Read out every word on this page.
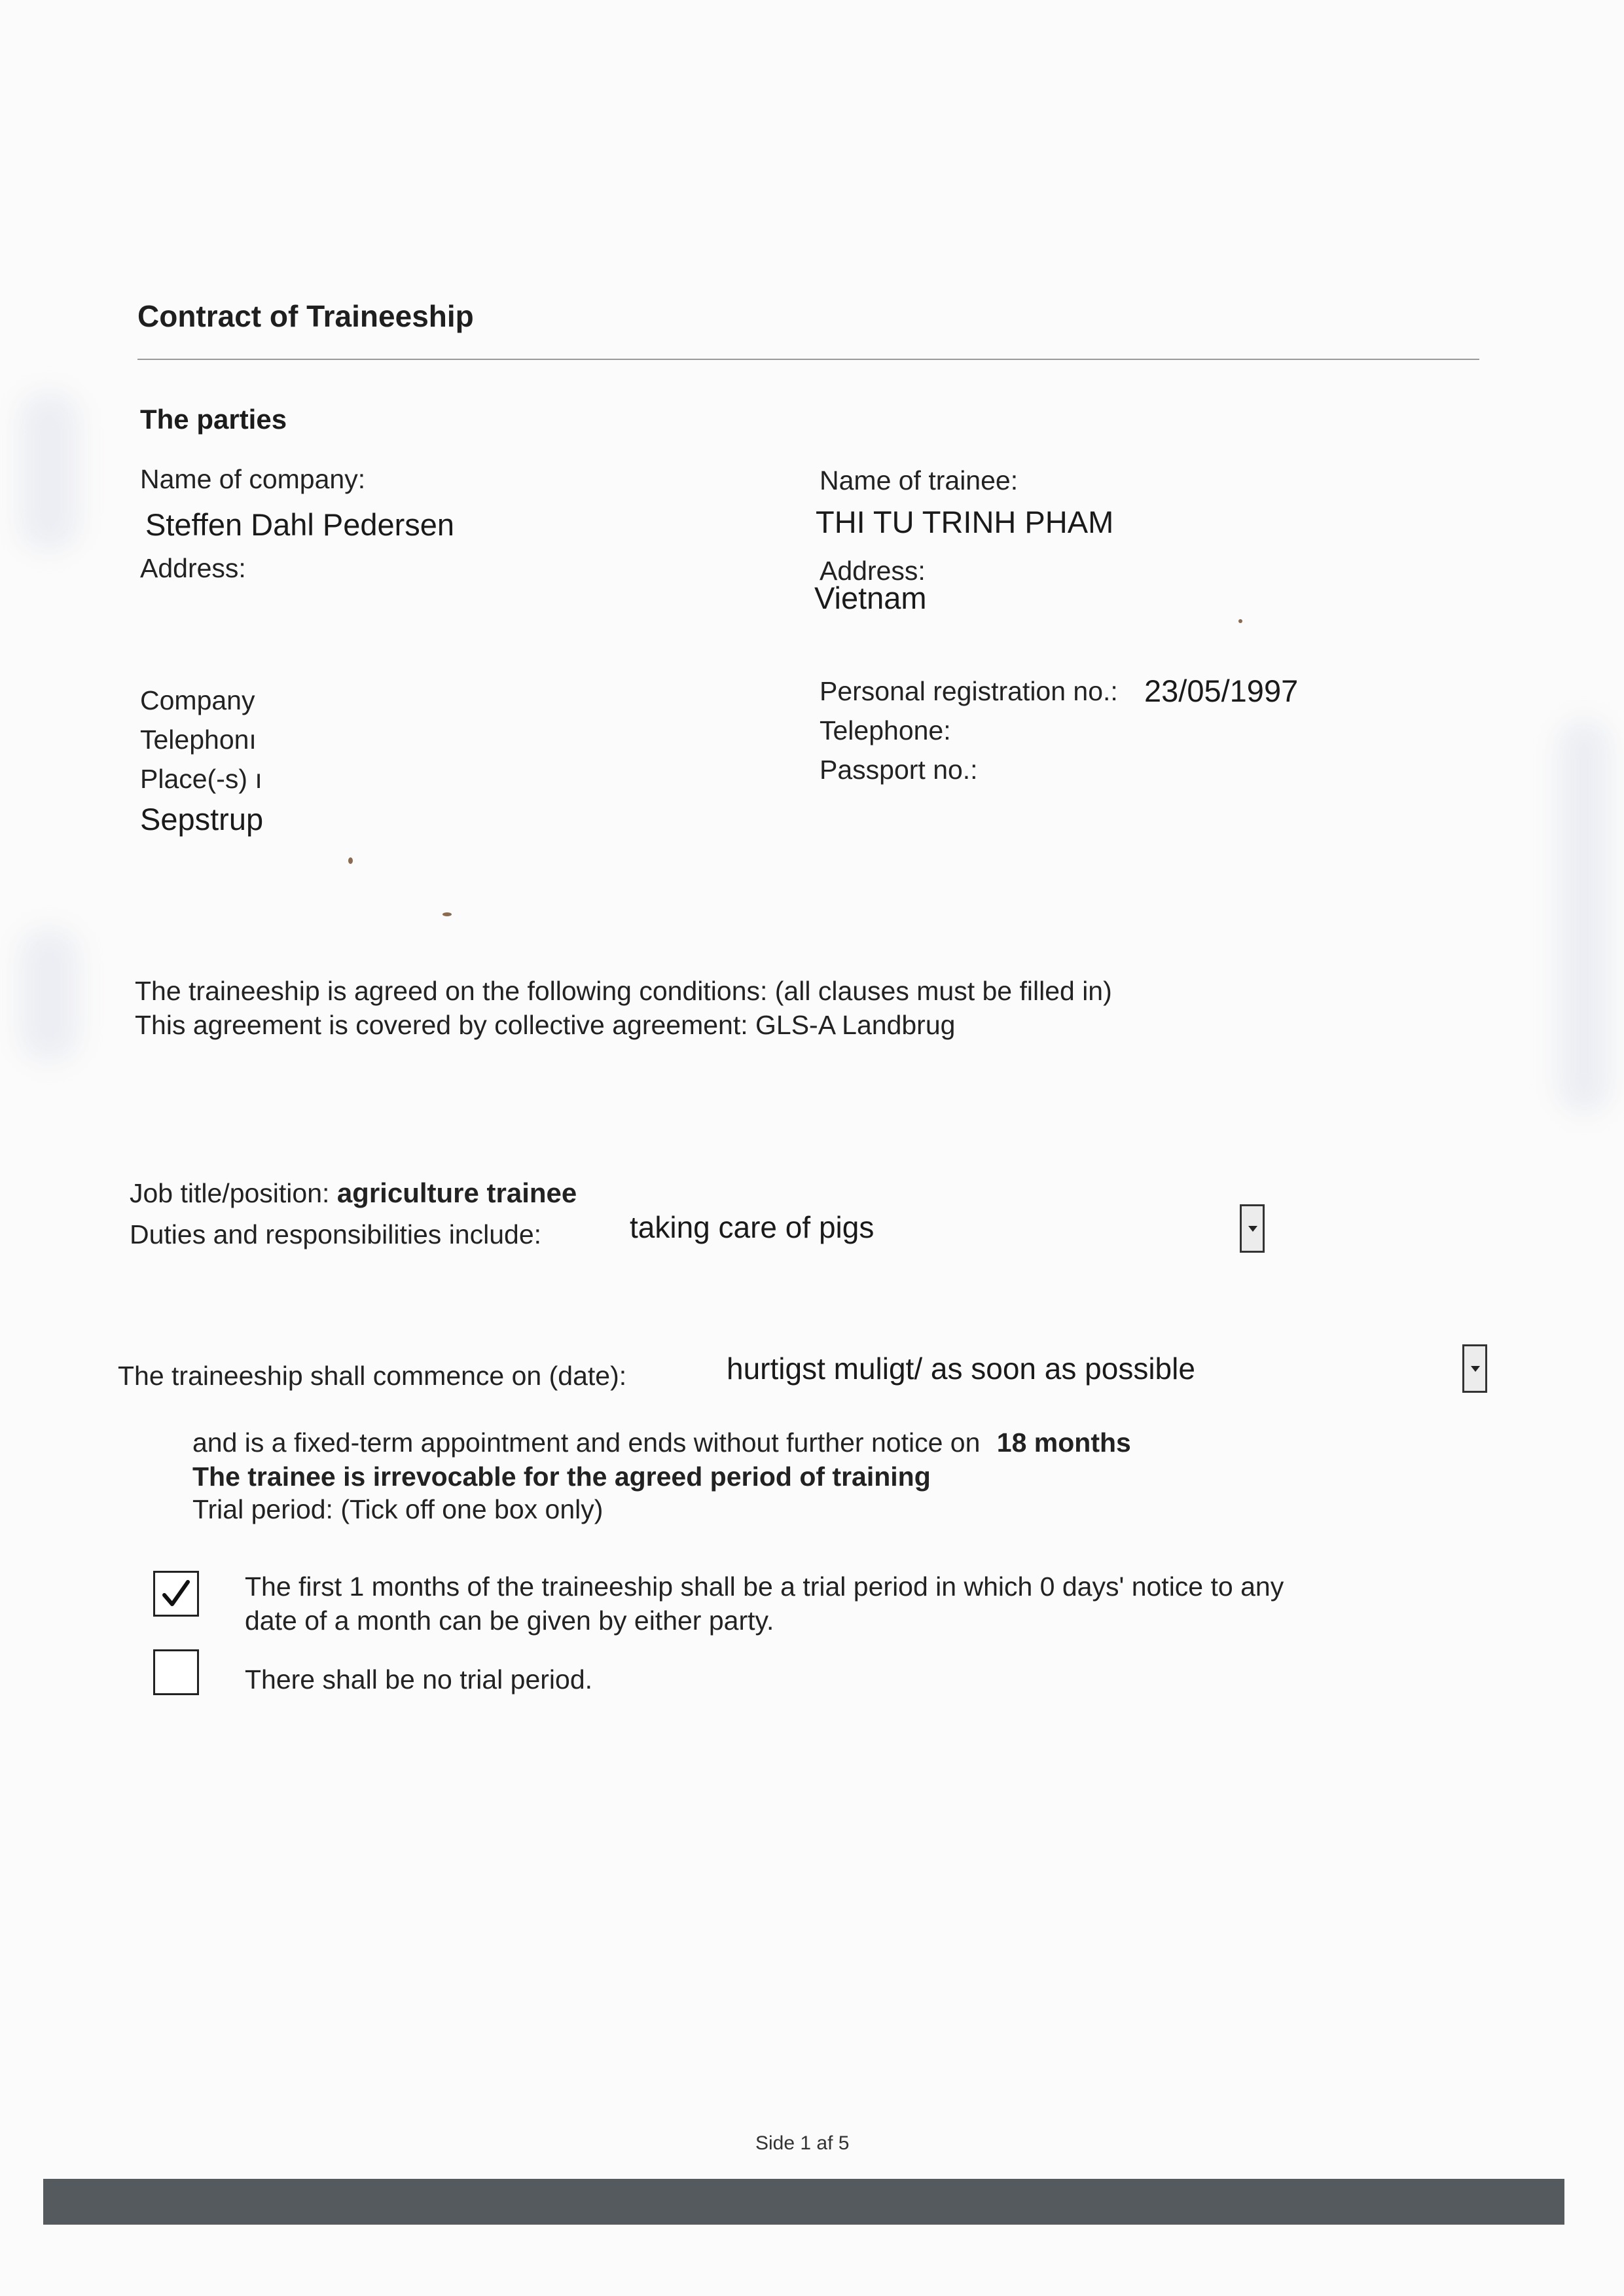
Contract of Traineeship
The parties
Name of company:
Steffen Dahl Pedersen
Address:
Company
Telephonı
Place(-s) ı
Sepstrup
Name of trainee:
THI TU TRINH PHAM
Address:
Vietnam
Personal registration no.: 23/05/1997
Telephone:
Passport no.:
The traineeship is agreed on the following conditions: (all clauses must be filled in)
This agreement is covered by collective agreement: GLS-A Landbrug
Job title/position: agriculture trainee
Duties and responsibilities include:	taking care of pigs
The traineeship shall commence on (date):	hurtigst muligt/ as soon as possible
and is a fixed-term appointment and ends without further notice on 18 months
The trainee is irrevocable for the agreed period of training
Trial period: (Tick off one box only)
The first 1 months of the traineeship shall be a trial period in which 0 days' notice to any
date of a month can be given by either party.
There shall be no trial period.
Side 1 af 5
